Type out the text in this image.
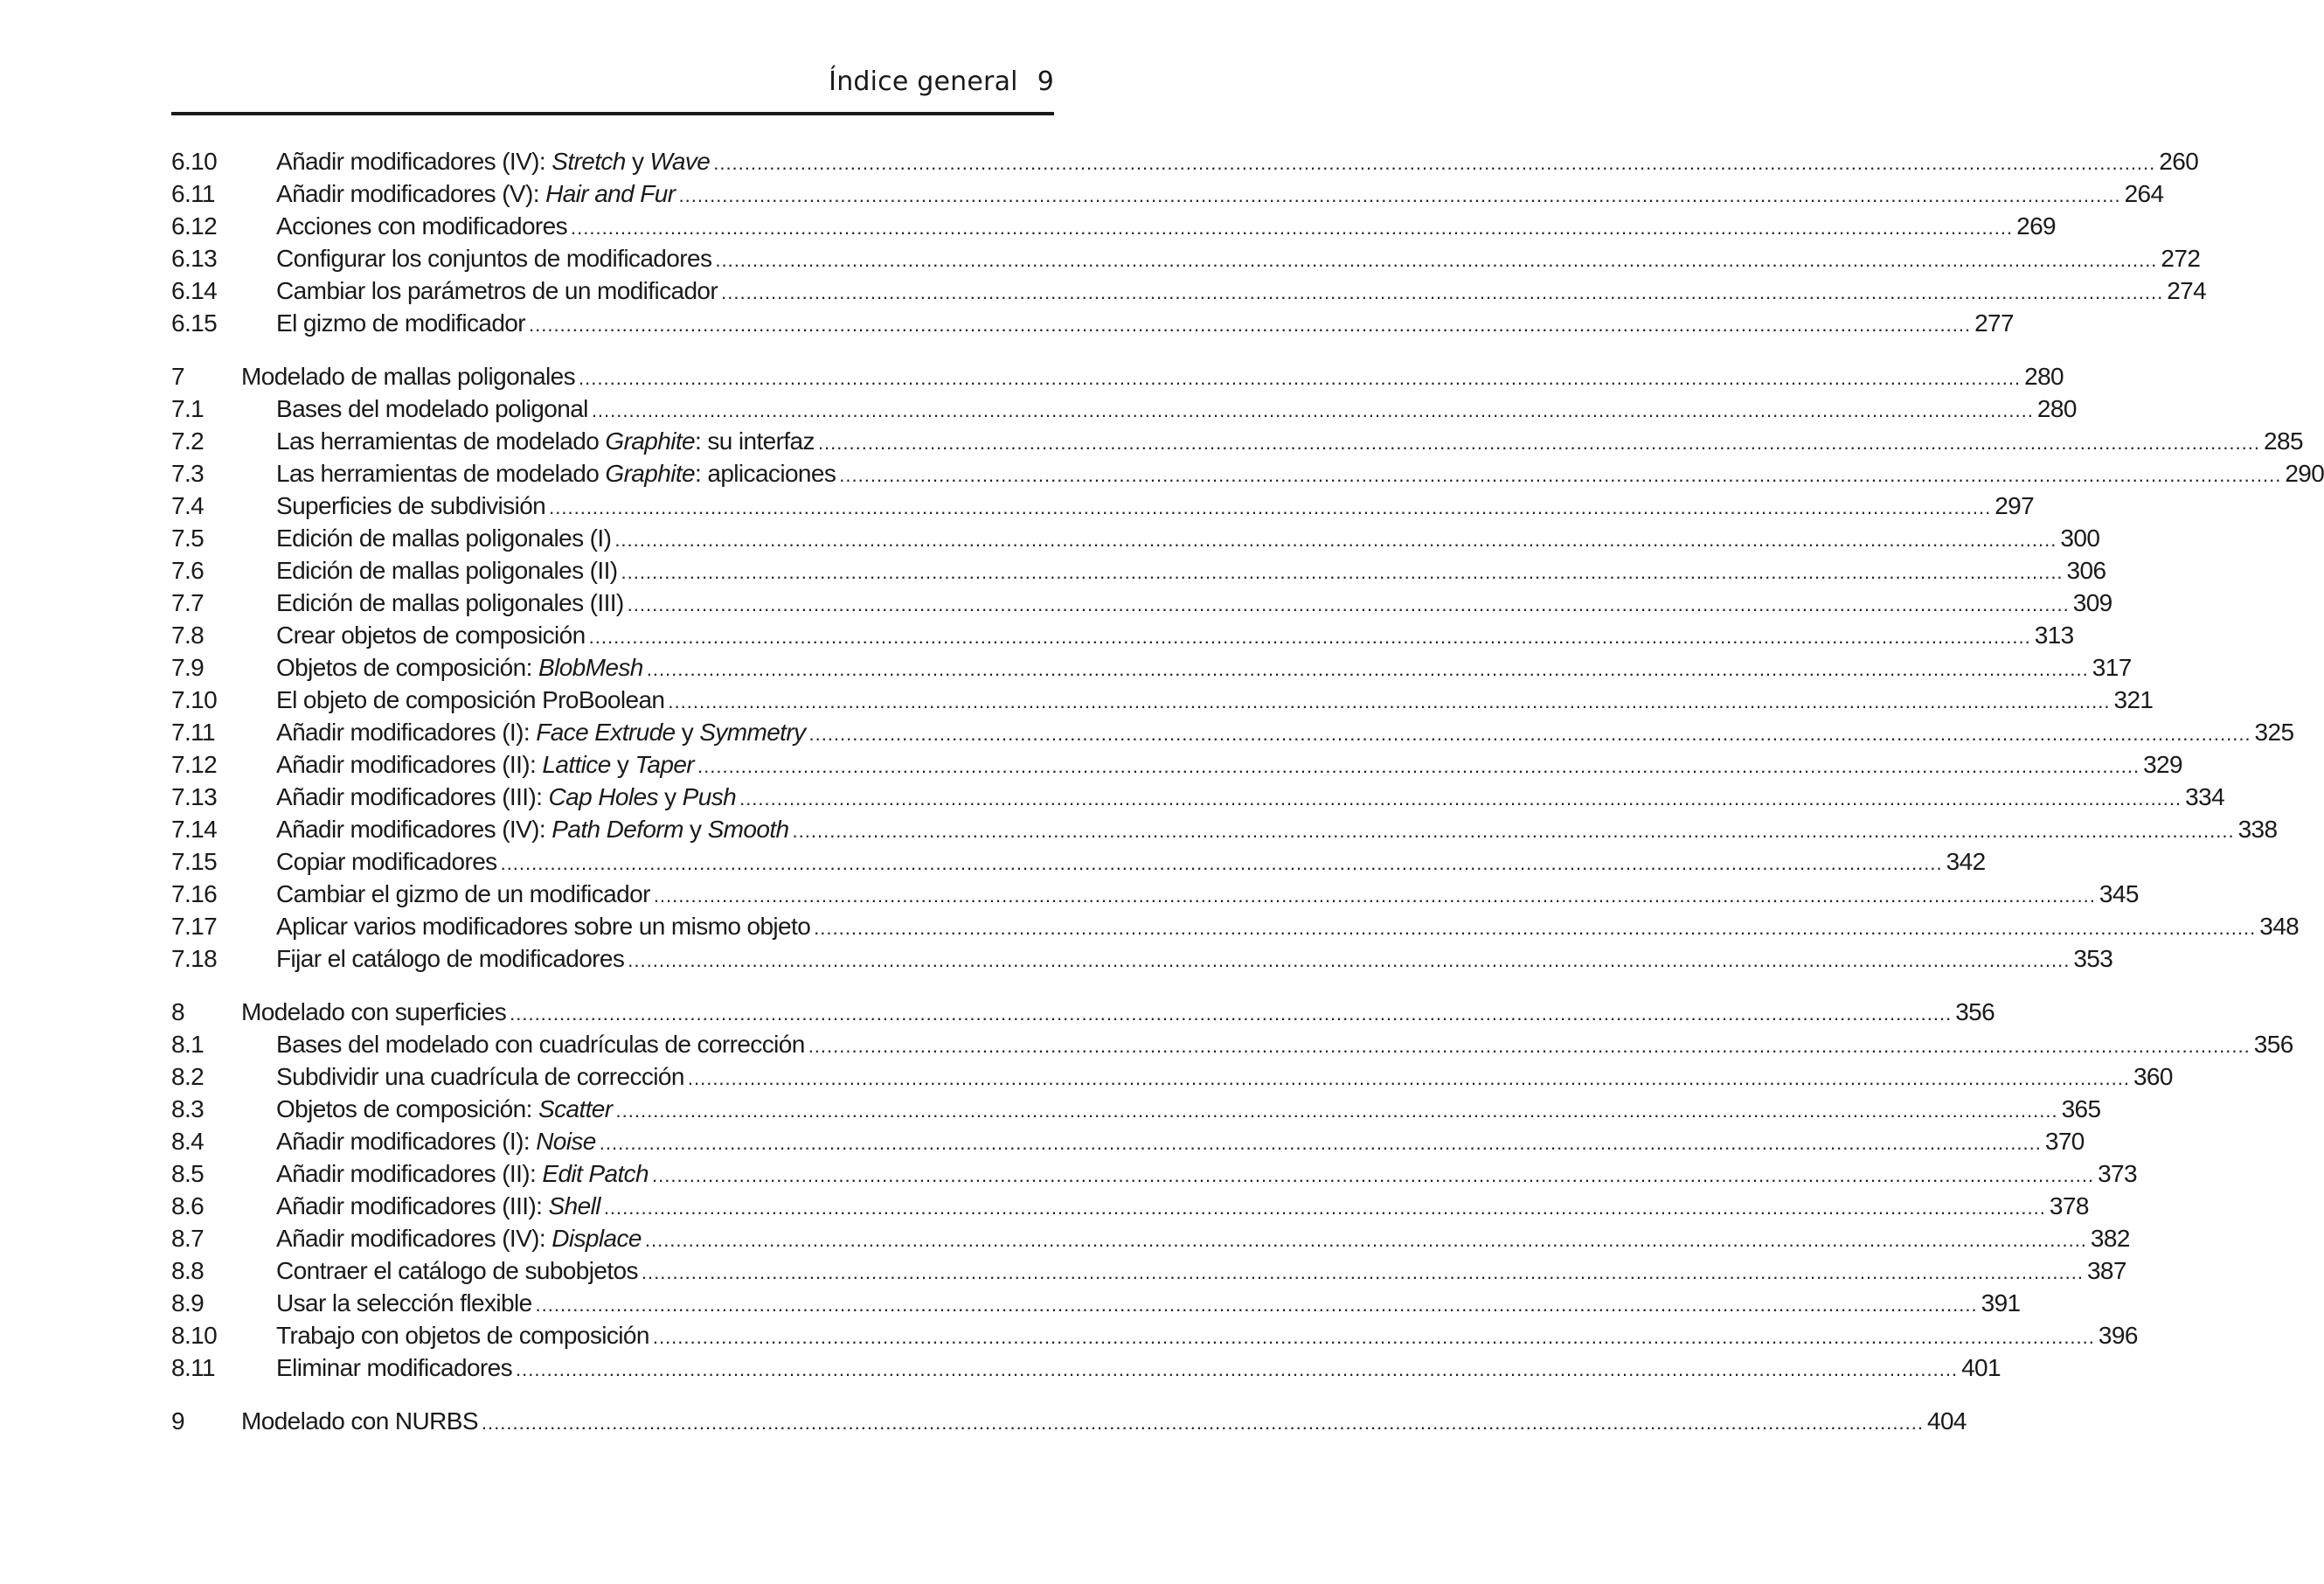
Índice general 9
6.10	Añadir modificadores (IV): Stretch y Wave .....	260
6.11	Añadir modificadores (V): Hair and Fur .....	264
6.12	Acciones con modificadores .....	269
6.13	Configurar los conjuntos de modificadores .....	272
6.14	Cambiar los parámetros de un modificador .....	274
6.15	El gizmo de modificador .....	277
7	Modelado de mallas poligonales .....	280
7.1	Bases del modelado poligonal .....	280
7.2	Las herramientas de modelado Graphite: su interfaz .....	285
7.3	Las herramientas de modelado Graphite: aplicaciones .....	290
7.4	Superficies de subdivisión .....	297
7.5	Edición de mallas poligonales (I) .....	300
7.6	Edición de mallas poligonales (II) .....	306
7.7	Edición de mallas poligonales (III) .....	309
7.8	Crear objetos de composición .....	313
7.9	Objetos de composición: BlobMesh .....	317
7.10	El objeto de composición ProBoolean .....	321
7.11	Añadir modificadores (I): Face Extrude y Symmetry .....	325
7.12	Añadir modificadores (II): Lattice y Taper .....	329
7.13	Añadir modificadores (III): Cap Holes y Push .....	334
7.14	Añadir modificadores (IV): Path Deform y Smooth .....	338
7.15	Copiar modificadores .....	342
7.16	Cambiar el gizmo de un modificador .....	345
7.17	Aplicar varios modificadores sobre un mismo objeto .....	348
7.18	Fijar el catálogo de modificadores .....	353
8	Modelado con superficies .....	356
8.1	Bases del modelado con cuadrículas de corrección .....	356
8.2	Subdividir una cuadrícula de corrección .....	360
8.3	Objetos de composición: Scatter .....	365
8.4	Añadir modificadores (I): Noise .....	370
8.5	Añadir modificadores (II): Edit Patch .....	373
8.6	Añadir modificadores (III): Shell .....	378
8.7	Añadir modificadores (IV): Displace .....	382
8.8	Contraer el catálogo de subobjetos .....	387
8.9	Usar la selección flexible .....	391
8.10	Trabajo con objetos de composición .....	396
8.11	Eliminar modificadores .....	401
9	Modelado con NURBS .....	404
